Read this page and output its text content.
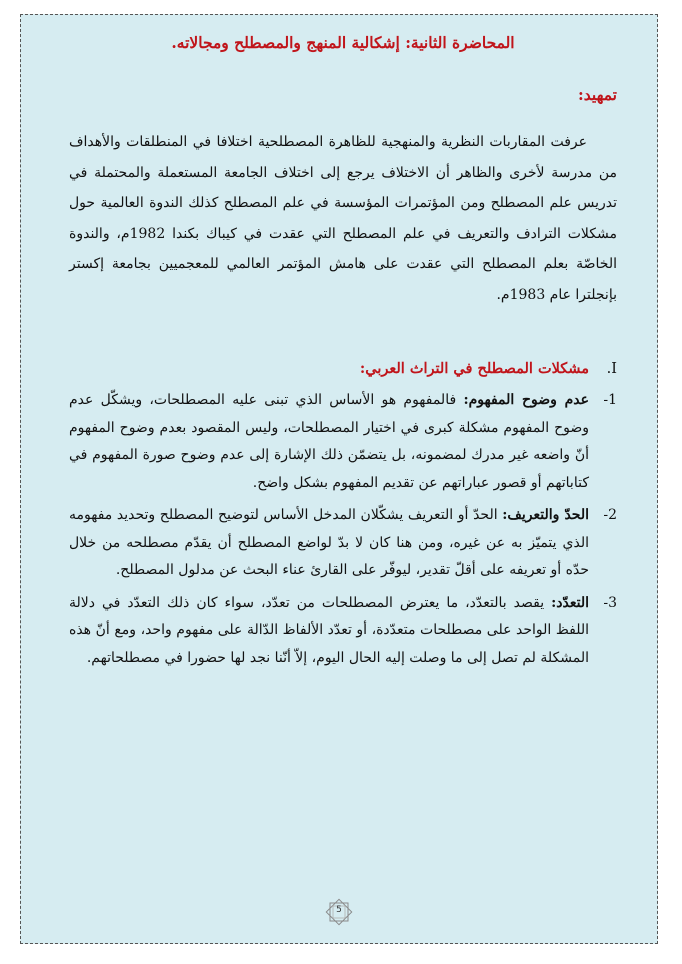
المحاضرة الثانية: إشكالية المنهج والمصطلح ومجالاته.
تمهيد:

عرفت المقاربات النظرية والمنهجية للظاهرة المصطلحية اختلافا في المنطلقات والأهداف من مدرسة لأخرى والظاهر أن الاختلاف يرجع إلى اختلاف الجامعة المستعملة والمحتملة في تدريس علم المصطلح ومن المؤتمرات المؤسسة في علم المصطلح كذلك الندوة العالمية حول مشكلات الترادف والتعريف في علم المصطلح التي عقدت في كيباك بكندا 1982م، والندوة الخاصّة بعلم المصطلح التي عقدت على هامش المؤتمر العالمي للمعجميين بجامعة إكستر بإنجلترا عام 1983م.

I.مشكلات المصطلح في التراث العربي:
1-
عدم وضوح المفهوم: فالمفهوم هو الأساس الذي تبنى عليه المصطلحات، ويشكّل عدم وضوح المفهوم مشكلة كبرى في اختيار المصطلحات، وليس المقصود بعدم وضوح المفهوم أنّ واضعه غير مدرك لمضمونه، بل يتضمّن ذلك الإشارة إلى عدم وضوح صورة المفهوم في كتاباتهم أو قصور عباراتهم عن تقديم المفهوم بشكل واضح.
2-
الحدّ والتعريف: الحدّ أو التعريف يشكّلان المدخل الأساس لتوضيح المصطلح وتحديد مفهومه الذي يتميّز به عن غيره، ومن هنا كان لا بدّ لواضع المصطلح أن يقدّم مصطلحه من خلال حدّه أو تعريفه على أقلّ تقدير، ليوفّر على القارئ عناء البحث عن مدلول المصطلح.
3-
التعدّد: يقصد بالتعدّد، ما يعترض المصطلحات من تعدّد، سواء كان ذلك التعدّد في دلالة اللفظ الواحد على مصطلحات متعدّدة، أو تعدّد الألفاظ الدّالة على مفهوم واحد، ومع أنّ هذه المشكلة لم تصل إلى ما وصلت إليه الحال اليوم، إلاّ أنّنا نجد لها حضورا في مصطلحاتهم.
5
